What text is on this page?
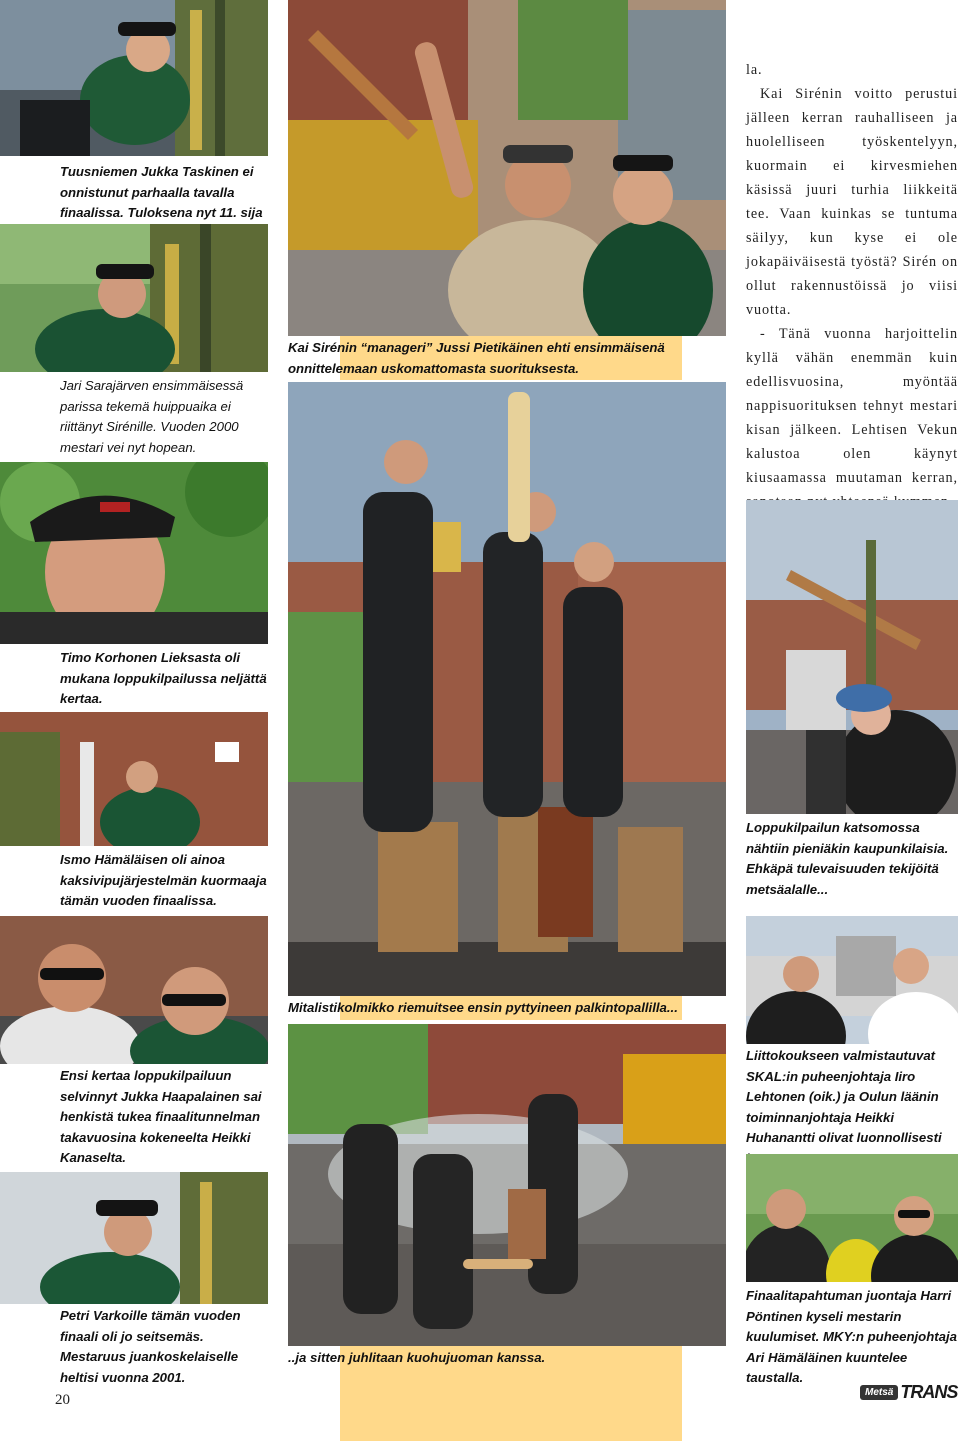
Tuusniemen Jukka Taskinen ei onnistunut parhaalla tavalla finaalissa. Tuloksena nyt 11. sija
Jari Sarajärven ensimmäisessä parissa tekemä huippuaika ei riittänyt Sirénille. Vuoden 2000 mestari vei nyt hopean.
Timo Korhonen Lieksasta oli mukana loppukilpailussa neljättä kertaa.
Ismo Hämäläisen oli ainoa kaksivipujärjestelmän kuormaaja tämän vuoden finaalissa.
Ensi kertaa loppukilpailuun selvinnyt Jukka Haapalainen sai henkistä tukea finaalitunnelman takavuosina kokeneelta Heikki Kanaselta.
Petri Varkoille tämän vuoden finaali oli jo seitsemäs. Mestaruus juankoskelaiselle heltisi vuonna 2001.
Kai Sirénin “manageri” Jussi Pietikäinen ehti ensimmäisenä onnittelemaan uskomattomasta suorituksesta.
Mitalistikolmikko riemuitsee ensin pyttyineen palkintopallilla...
..ja sitten juhlitaan kuohujuoman kanssa.

la.

Kai Sirénin voitto perustui jälleen kerran rauhalliseen ja huolelliseen työskentelyyn, kuormain ei kirvesmiehen käsissä juuri turhia liikkeitä tee. Vaan kuinkas se tuntuma säilyy, kun kyse ei ole jokapäiväisestä työstä? Sirén on ollut rakennustöissä jo viisi vuotta.

- Tänä vuonna harjoittelin kyllä vähän enemmän kuin edellisvuosina, myöntää nappisuorituksen tehnyt mestari kisan jälkeen. Lehtisen Vekun kalustoa olen käynyt kiusaamassa muutaman kerran,

Loppukilpailun katsomossa nähtiin pieniäkin kaupunkilaisia. Ehkäpä tulevaisuuden tekijöitä metsäalalle...
Liittokoukseen valmistautuvat SKAL:in puheenjohtaja Iiro Lehtonen (oik.) ja Oulun läänin toiminnanjohtaja Heikki Huhanantti olivat luonnollisesti
Finaalitapahtuman juontaja Harri Pöntinen kyseli mestarin kuulumiset. MKY:n puheenjohtaja Ari Hämäläinen kuuntelee taustalla.
20	Metsä TRANS
